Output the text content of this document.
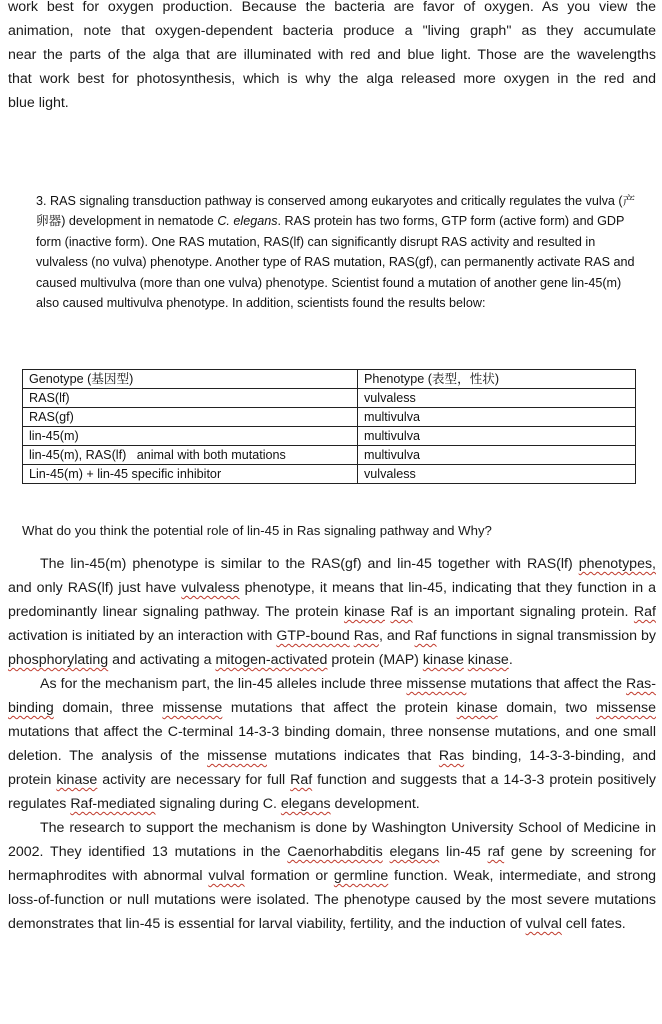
work best for oxygen production. Because the bacteria are favor of oxygen. As you view the

animation, note that oxygen-dependent bacteria produce a "living graph" as they accumulate

near the parts of the alga that are illuminated with red and blue light. Those are the wavelengths

that work best for photosynthesis, which is why the alga released more oxygen in the red and

blue light.

3. RAS signaling transduction pathway is conserved among eukaryotes and critically regulates the vulva (产卵器) development in nematode C. elegans. RAS protein has two forms, GTP form (active form) and GDP form (inactive form). One RAS mutation, RAS(lf) can significantly disrupt RAS activity and resulted in vulvaless (no vulva) phenotype. Another type of RAS mutation, RAS(gf), can permanently activate RAS and caused multivulva (more than one vulva) phenotype. Scientist found a mutation of another gene lin-45(m) also caused multivulva phenotype. In addition, scientists found the results below:

Genotype (基因型)	Phenotype (表型，性状)
RAS(lf)	vulvaless
RAS(gf)	multivulva
lin-45(m)	multivulva
lin-45(m), RAS(lf)   animal with both mutations	multivulva
Lin-45(m) + lin-45 specific inhibitor	vulvaless
What do you think the potential role of lin-45 in Ras signaling pathway and Why?

The lin-45(m) phenotype is similar to the RAS(gf) and lin-45 together with RAS(lf) phenotypes, and only RAS(lf) just have vulvaless phenotype, it means that lin-45, indicating that they function in a predominantly linear signaling pathway. The protein kinase Raf is an important signaling protein. Raf activation is initiated by an interaction with GTP-bound Ras, and Raf functions in signal transmission by phosphorylating and activating a mitogen-activated protein (MAP) kinase kinase.

As for the mechanism part, the lin-45 alleles include three missense mutations that affect the Ras-binding domain, three missense mutations that affect the protein kinase domain, two missense mutations that affect the C-terminal 14-3-3 binding domain, three nonsense mutations, and one small deletion. The analysis of the missense mutations indicates that Ras binding, 14-3-3-binding, and protein kinase activity are necessary for full Raf function and suggests that a 14-3-3 protein positively regulates Raf-mediated signaling during C. elegans development.

The research to support the mechanism is done by Washington University School of Medicine in 2002. They identified 13 mutations in the Caenorhabditis elegans lin-45 raf gene by screening for hermaphrodites with abnormal vulval formation or germline function. Weak, intermediate, and strong loss-of-function or null mutations were isolated. The phenotype caused by the most severe mutations demonstrates that lin-45 is essential for larval viability, fertility, and the induction of vulval cell fates.
